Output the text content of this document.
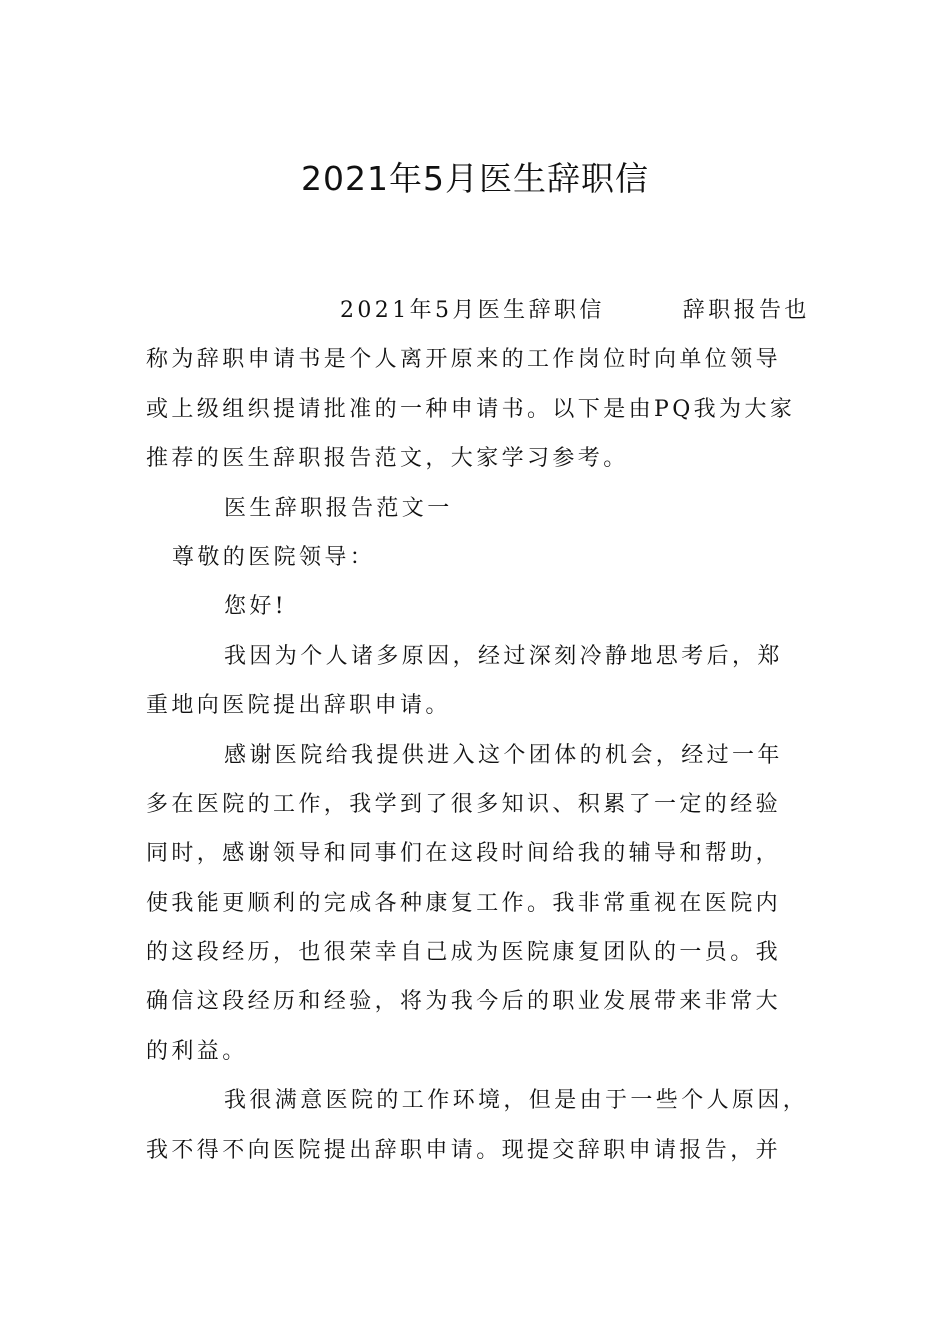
2021年5月医生辞职信
2021年5月医生辞职信	辞职报告也
称为辞职申请书是个人离开原来的工作岗位时向单位领导
或上级组织提请批准的一种申请书。以下是由PQ我为大家
推荐的医生辞职报告范文，大家学习参考。
医生辞职报告范文一
尊敬的医院领导：
您好!
我因为个人诸多原因，经过深刻冷静地思考后，郑
重地向医院提出辞职申请。
感谢医院给我提供进入这个团体的机会，经过一年
多在医院的工作，我学到了很多知识、积累了一定的经验
同时，感谢领导和同事们在这段时间给我的辅导和帮助，
使我能更顺利的完成各种康复工作。我非常重视在医院内
的这段经历，也很荣幸自己成为医院康复团队的一员。我
确信这段经历和经验，将为我今后的职业发展带来非常大
的利益。
我很满意医院的工作环境，但是由于一些个人原因，
我不得不向医院提出辞职申请。现提交辞职申请报告，并
